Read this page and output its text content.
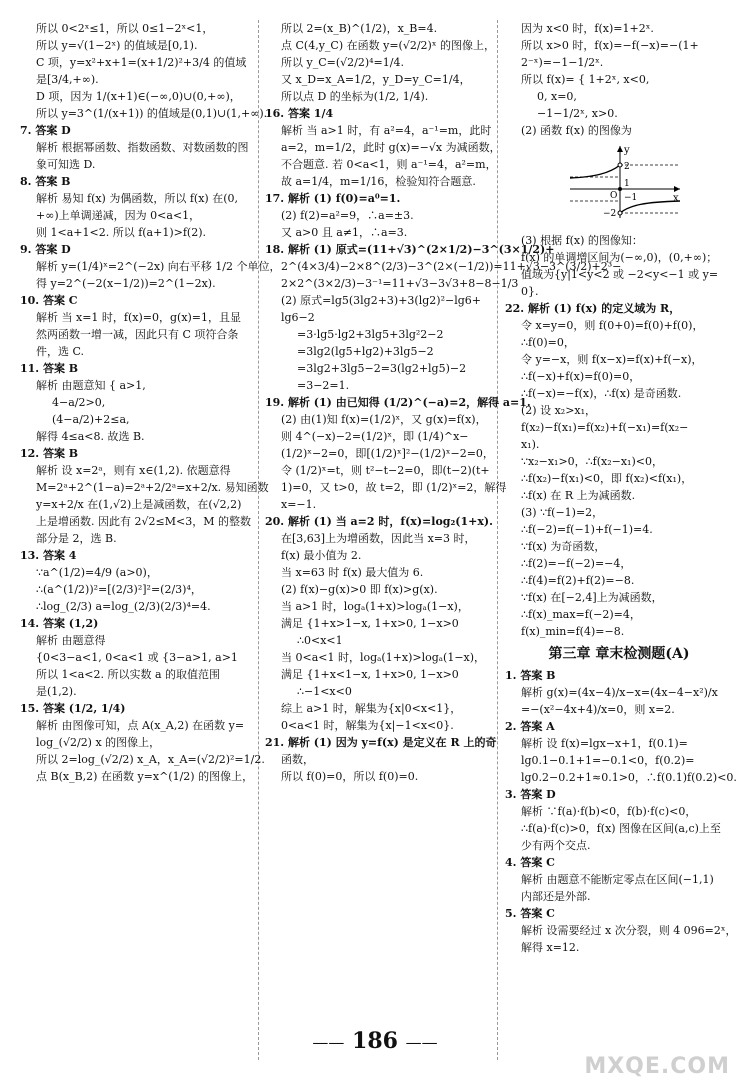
所以 0<2ˣ≤1，所以 0≤1−2ˣ<1，
所以 y=√(1−2ˣ) 的值域是[0,1).
C 项，y=x²+x+1=(x+1/2)²+3/4 的值域
是[3/4,+∞).
D 项，因为 1/(x+1)∈(−∞,0)∪(0,+∞)，
所以 y=3^(1/(x+1)) 的值域是(0,1)∪(1,+∞).
7. 答案 D
解析 根据幂函数、指数函数、对数函数的图
象可知选 D.
8. 答案 B
解析 易知 f(x) 为偶函数，所以 f(x) 在(0,
+∞)上单调递减，因为 0<a<1，
则 1<a+1<2. 所以 f(a+1)>f(2).
9. 答案 D
解析 y=(1/4)ˣ=2^(−2x) 向右平移 1/2 个单位，
得 y=2^(−2(x−1/2))=2^(1−2x).
10. 答案 C
解析 当 x=1 时，f(x)=0，g(x)=1，且显
然两函数一增一减，因此只有 C 项符合条
件，选 C.
11. 答案 B
解析 由题意知 { a>1,
4−a/2>0,
(4−a/2)+2≤a,
解得 4≤a<8. 故选 B.
12. 答案 B
解析 设 x=2ᵃ，则有 x∈(1,2). 依题意得
M=2ᵃ+2^(1−a)=2ᵃ+2/2ᵃ=x+2/x. 易知函数
y=x+2/x 在(1,√2)上是减函数，在(√2,2)
上是增函数. 因此有 2√2≤M<3，M 的整数
部分是 2，选 B.
13. 答案 4
∵a^(1/2)=4/9 (a>0)，
∴(a^(1/2))²=[(2/3)²]²=(2/3)⁴，
∴log_(2/3) a=log_(2/3)(2/3)⁴=4.
14. 答案 (1,2)
解析 由题意得
{0<3−a<1, 0<a<1 或 {3−a>1, a>1
所以 1<a<2. 所以实数 a 的取值范围
是(1,2).
15. 答案 (1/2, 1/4)
解析 由图像可知，点 A(x_A,2) 在函数 y=
log_(√2/2) x 的图像上，
所以 2=log_(√2/2) x_A，x_A=(√2/2)²=1/2.
点 B(x_B,2) 在函数 y=x^(1/2) 的图像上，
所以 2=(x_B)^(1/2)，x_B=4.
点 C(4,y_C) 在函数 y=(√2/2)ˣ 的图像上，
所以 y_C=(√2/2)⁴=1/4.
又 x_D=x_A=1/2，y_D=y_C=1/4，
所以点 D 的坐标为(1/2, 1/4).
16. 答案 1/4
解析 当 a>1 时，有 a²=4，a⁻¹=m，此时
a=2，m=1/2，此时 g(x)=−√x 为减函数，
不合题意. 若 0<a<1，则 a⁻¹=4，a²=m，
故 a=1/4，m=1/16，检验知符合题意.
17. 解析 (1) f(0)=a⁰=1.
(2) f(2)=a²=9，∴a=±3.
又 a>0 且 a≠1，∴a=3.
18. 解析 (1) 原式=(11+√3)^(2×1/2)−3^(3×1/2)+
2^(4×3/4)−2×8^(2/3)−3^(2×(−1/2))=11+√3−3^(3/2)+2³−
2×2^(3×2/3)−3⁻¹=11+√3−3√3+8−8−1/3
(2) 原式=lg5(3lg2+3)+3(lg2)²−lg6+
lg6−2
=3·lg5·lg2+3lg5+3lg²2−2
=3lg2(lg5+lg2)+3lg5−2
=3lg2+3lg5−2=3(lg2+lg5)−2
=3−2=1.
19. 解析 (1) 由已知得 (1/2)^(−a)=2，解得 a=1.
(2) 由(1)知 f(x)=(1/2)ˣ，又 g(x)=f(x)，
则 4^(−x)−2=(1/2)ˣ，即 (1/4)^x−
(1/2)ˣ−2=0，即[(1/2)ˣ]²−(1/2)ˣ−2=0，
令 (1/2)ˣ=t，则 t²−t−2=0，即(t−2)(t+
1)=0，又 t>0，故 t=2，即 (1/2)ˣ=2，解得
x=−1.
20. 解析 (1) 当 a=2 时，f(x)=log₂(1+x).
在[3,63]上为增函数，因此当 x=3 时，
f(x) 最小值为 2.
当 x=63 时 f(x) 最大值为 6.
(2) f(x)−g(x)>0 即 f(x)>g(x).
当 a>1 时，logₐ(1+x)>logₐ(1−x)，
满足 {1+x>1−x, 1+x>0, 1−x>0
∴0<x<1
当 0<a<1 时，logₐ(1+x)>logₐ(1−x)，
满足 {1+x<1−x, 1+x>0, 1−x>0
∴−1<x<0
综上 a>1 时，解集为{x|0<x<1}，
0<a<1 时，解集为{x|−1<x<0}.
21. 解析 (1) 因为 y=f(x) 是定义在 R 上的奇
函数，
所以 f(0)=0，所以 f(0)=0.
因为 x<0 时，f(x)=1+2ˣ.
所以 x>0 时，f(x)=−f(−x)=−(1+
2⁻ˣ)=−1−1/2ˣ.
所以 f(x)= { 1+2ˣ, x<0,
0, x=0,
−1−1/2ˣ, x>0.
(2) 函数 f(x) 的图像为
y
x
2
−2
O
1
−1
(3) 根据 f(x) 的图像知：
f(x) 的单调增区间为(−∞,0)，(0,+∞)；
值域为{y|1<y<2 或 −2<y<−1 或 y=
0}.
22. 解析 (1) f(x) 的定义域为 R，
令 x=y=0，则 f(0+0)=f(0)+f(0)，
∴f(0)=0，
令 y=−x，则 f(x−x)=f(x)+f(−x)，
∴f(−x)+f(x)=f(0)=0，
∴f(−x)=−f(x)，∴f(x) 是奇函数.
(2) 设 x₂>x₁，
f(x₂)−f(x₁)=f(x₂)+f(−x₁)=f(x₂−
x₁).
∵x₂−x₁>0，∴f(x₂−x₁)<0，
∴f(x₂)−f(x₁)<0，即 f(x₂)<f(x₁)，
∴f(x) 在 R 上为减函数.
(3) ∵f(−1)=2，
∴f(−2)=f(−1)+f(−1)=4.
∵f(x) 为奇函数，
∴f(2)=−f(−2)=−4，
∴f(4)=f(2)+f(2)=−8.
∵f(x) 在[−2,4]上为减函数，
∴f(x)_max=f(−2)=4，
f(x)_min=f(4)=−8.
第三章 章末检测题(A)
1. 答案 B
解析 g(x)=(4x−4)/x−x=(4x−4−x²)/x
=−(x²−4x+4)/x=0，则 x=2.
2. 答案 A
解析 设 f(x)=lgx−x+1，f(0.1)=
lg0.1−0.1+1=−0.1<0，f(0.2)=
lg0.2−0.2+1≈0.1>0，∴f(0.1)f(0.2)<0.
3. 答案 D
解析 ∵f(a)·f(b)<0，f(b)·f(c)<0，
∴f(a)·f(c)>0，f(x) 图像在区间(a,c)上至
少有两个交点.
4. 答案 C
解析 由题意不能断定零点在区间(−1,1)
内部还是外部.
5. 答案 C
解析 设需要经过 x 次分裂，则 4 096=2ˣ，
解得 x=12.
—— 186 ——
MXQE.COM
